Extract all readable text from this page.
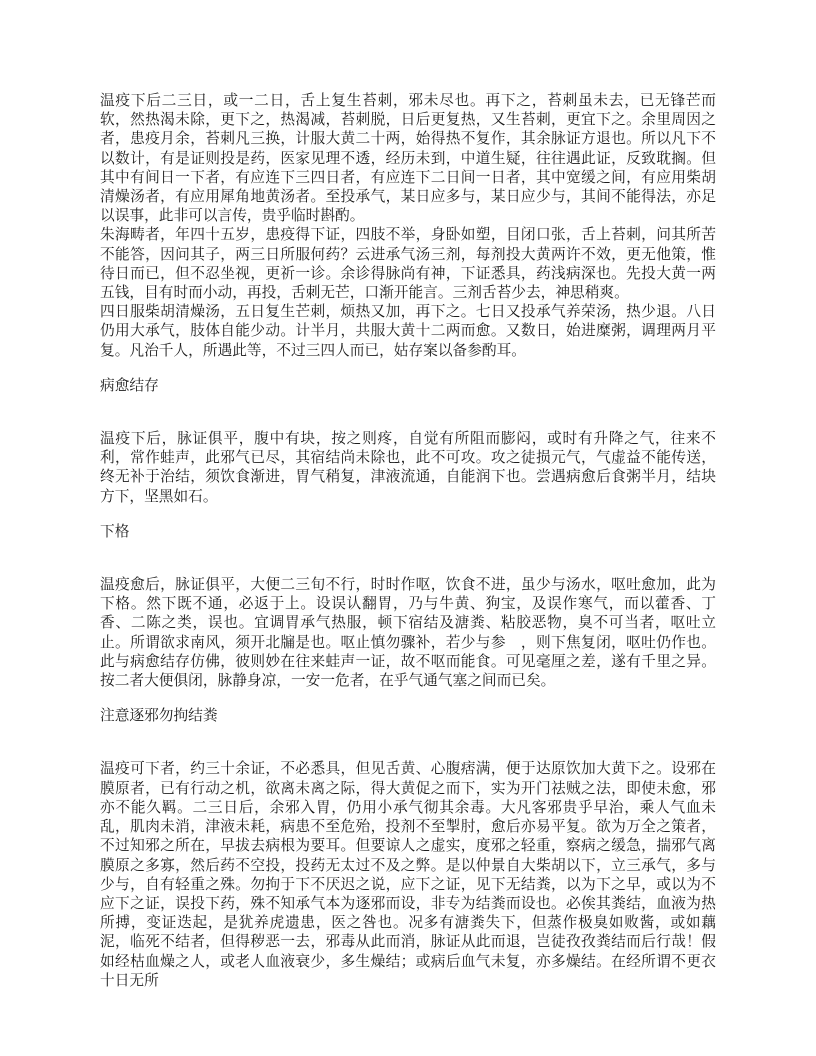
温疫下后二三日，或一二日，舌上复生苔刺，邪未尽也。再下之，苔刺虽未去，已无锋芒而软，然热渴未除，更下之，热渴减，苔刺脱，日后更复热，又生苔刺，更宜下之。余里周因之者，患疫月余，苔刺凡三换，计服大黄二十两，始得热不复作，其余脉证方退也。所以凡下不以数计，有是证则投是药，医家见理不透，经历未到，中道生疑，往往遇此证，反致耽搁。但其中有间日一下者，有应连下三四日者，有应连下二日间一日者，其中宽缓之间，有应用柴胡清燥汤者，有应用犀角地黄汤者。至投承气，某日应多与，某日应少与，其间不能得法，亦足以误事，此非可以言传，贵乎临时斟酌。

朱海畴者，年四十五岁，患疫得下证，四肢不举，身卧如塑，目闭口张，舌上苔刺，问其所苦不能答，因问其子，两三日所服何药？云进承气汤三剂，每剂投大黄两许不效，更无他策，惟待日而已，但不忍坐视，更祈一诊。余诊得脉尚有神，下证悉具，药浅病深也。先投大黄一两五钱，目有时而小动，再投，舌刺无芒，口渐开能言。三剂舌苔少去，神思稍爽。

四日服柴胡清燥汤，五日复生芒刺，烦热又加，再下之。七日又投承气养荣汤，热少退。八日仍用大承气，肢体自能少动。计半月，共服大黄十二两而愈。又数日，始进糜粥，调理两月平复。凡治千人，所遇此等，不过三四人而已，姑存案以备参酌耳。

病愈结存

温疫下后，脉证俱平，腹中有块，按之则疼，自觉有所阻而膨闷，或时有升降之气，往来不利，常作蛙声，此邪气已尽，其宿结尚未除也，此不可攻。攻之徒损元气，气虚益不能传送，终无补于治结，须饮食渐进，胃气稍复，津液流通，自能润下也。尝遇病愈后食粥半月，结块方下，坚黑如石。

下格

温疫愈后，脉证俱平，大便二三旬不行，时时作呕，饮食不进，虽少与汤水，呕吐愈加，此为下格。然下既不通，必返于上。设误认翻胃，乃与牛黄、狗宝，及误作寒气，而以藿香、丁香、二陈之类，误也。宜调胃承气热服，顿下宿结及溏粪、粘胶恶物，臭不可当者，呕吐立止。所谓欲求南风，须开北牖是也。呕止慎勿骤补，若少与参　，则下焦复闭，呕吐仍作也。此与病愈结存仿佛，彼则妙在往来蛙声一证，故不呕而能食。可见毫厘之差，遂有千里之异。按二者大便俱闭，脉静身凉，一安一危者，在乎气通气塞之间而已矣。

注意逐邪勿拘结粪

温疫可下者，约三十余证，不必悉具，但见舌黄、心腹痞满，便于达原饮加大黄下之。设邪在膜原者，已有行动之机，欲离未离之际，得大黄促之而下，实为开门祛贼之法，即使未愈，邪亦不能久羁。二三日后，余邪入胃，仍用小承气彻其余毒。大凡客邪贵乎早治，乘人气血未乱，肌肉未消，津液未耗，病患不至危殆，投剂不至掣肘，愈后亦易平复。欲为万全之策者，不过知邪之所在，早拔去病根为要耳。但要谅人之虚实，度邪之轻重，察病之缓急，揣邪气离膜原之多寡，然后药不空投，投药无太过不及之弊。是以仲景自大柴胡以下，立三承气，多与少与，自有轻重之殊。勿拘于下不厌迟之说，应下之证，见下无结粪，以为下之早，或以为不应下之证，误投下药，殊不知承气本为逐邪而设，非专为结粪而设也。必俟其粪结，血液为热所搏，变证迭起，是犹养虎遗患，医之咎也。况多有溏粪失下，但蒸作极臭如败酱，或如藕泥，临死不结者，但得秽恶一去，邪毒从此而消，脉证从此而退，岂徒孜孜粪结而后行哉！假如经枯血燥之人，或老人血液衰少，多生燥结；或病后血气未复，亦多燥结。在经所谓不更衣十日无所
